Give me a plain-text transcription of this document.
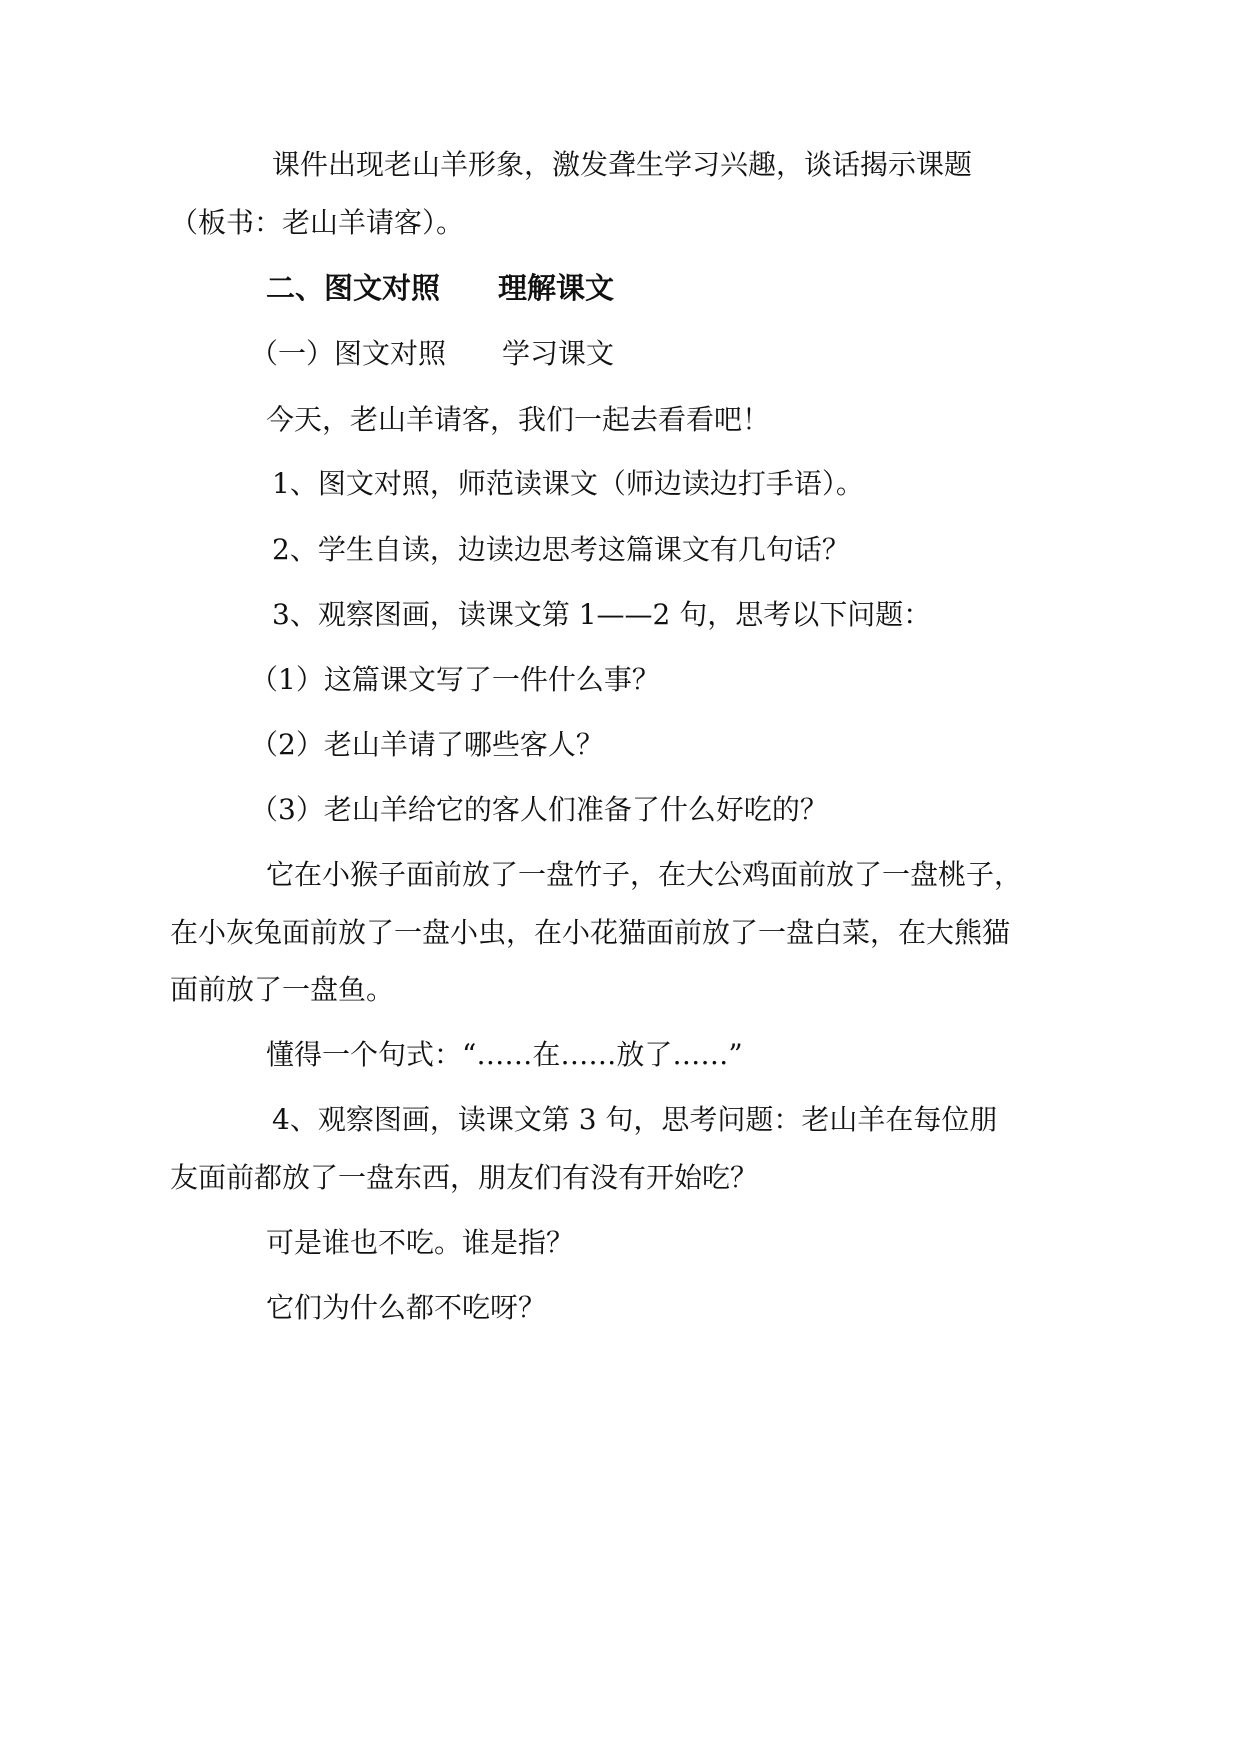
课件出现老山羊形象，激发聋生学习兴趣，谈话揭示课题
（板书：老山羊请客）。
二、图文对照　　理解课文
（一）图文对照　　学习课文
今天，老山羊请客，我们一起去看看吧！
1、图文对照，师范读课文（师边读边打手语）。
2、学生自读，边读边思考这篇课文有几句话？
3、观察图画，读课文第 1——2 句，思考以下问题：
（1）这篇课文写了一件什么事？
（2）老山羊请了哪些客人？
（3）老山羊给它的客人们准备了什么好吃的？
它在小猴子面前放了一盘竹子，在大公鸡面前放了一盘桃子，
在小灰兔面前放了一盘小虫，在小花猫面前放了一盘白菜，在大熊猫
面前放了一盘鱼。
懂得一个句式：“……在……放了……”
4、观察图画，读课文第 3 句，思考问题：老山羊在每位朋
友面前都放了一盘东西，朋友们有没有开始吃？
可是谁也不吃。谁是指？
它们为什么都不吃呀？
